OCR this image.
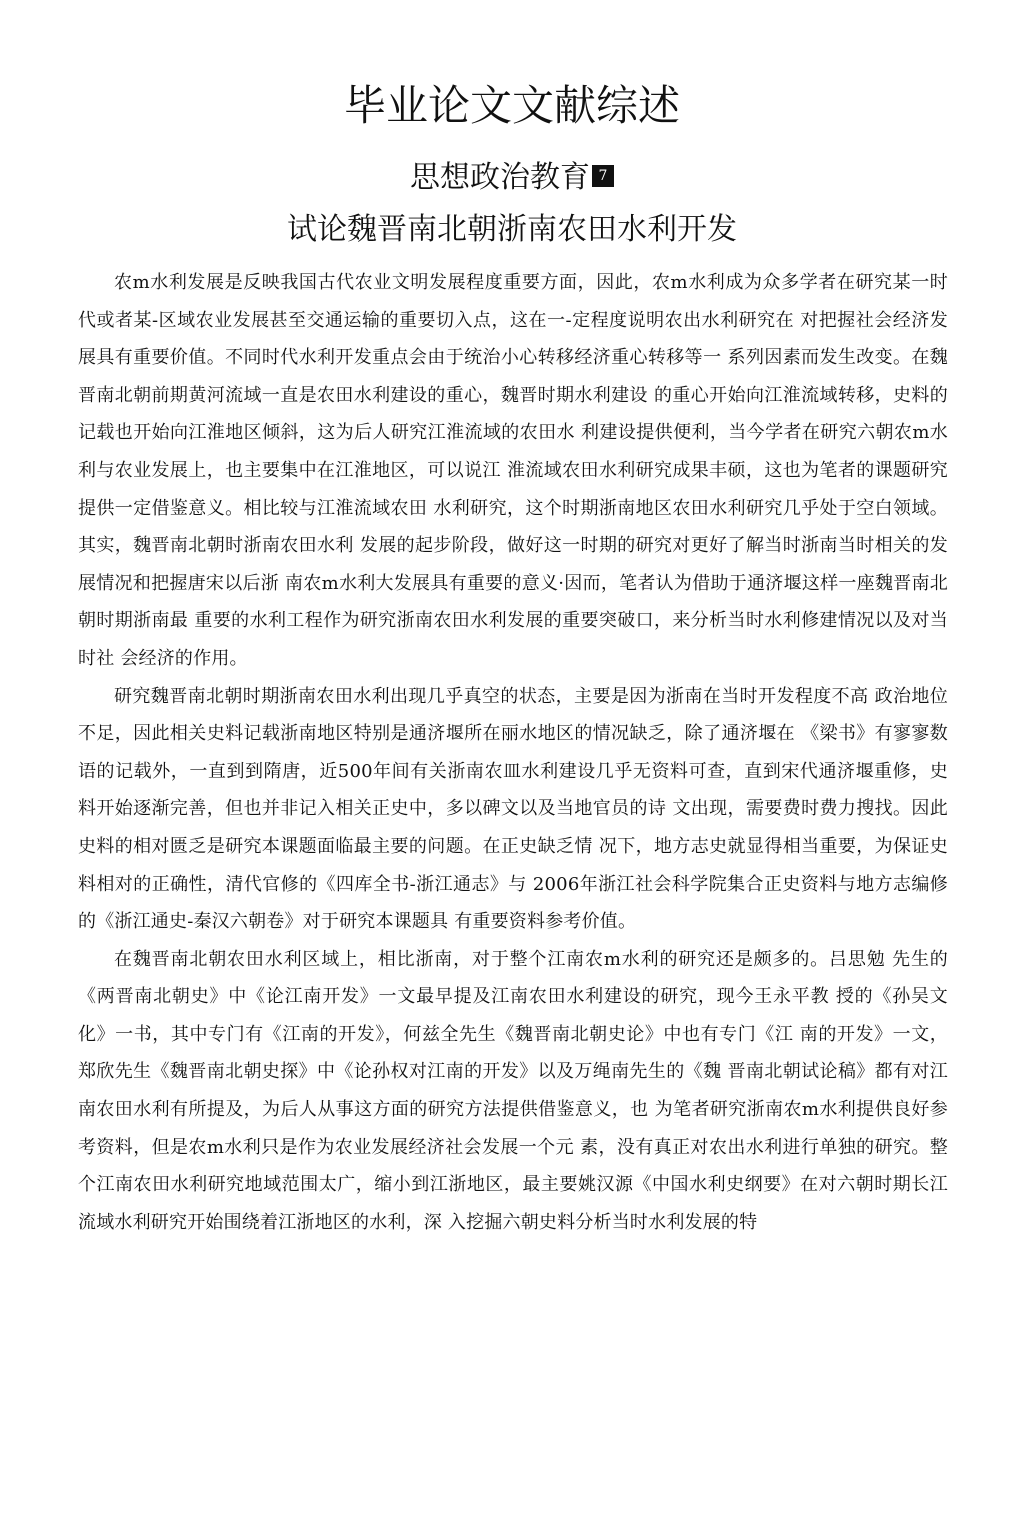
毕业论文文献综述
思想政治教育 7
试论魏晋南北朝浙南农田水利开发

农m水利发展是反映我国古代农业文明发展程度重要方面，因此，农m水利成为众多学者在研究某一时代或者某-区域农业发展甚至交通运输的重要切入点，这在一-定程度说明农出水利研究在 对把握社会经济发展具有重要价值。不同时代水利开发重点会由于统治小心转移经济重心转移等一 系列因素而发生改变。在魏晋南北朝前期黄河流域一直是农田水利建设的重心，魏晋时期水利建设 的重心开始向江淮流域转移，史料的记载也开始向江淮地区倾斜，这为后人研究江淮流域的农田水 利建设提供便利，当今学者在研究六朝农m水利与农业发展上，也主要集中在江淮地区，可以说江 淮流域农田水利研究成果丰硕，这也为笔者的课题研究提供一定借鉴意义。相比较与江淮流域农田 水利研究，这个时期浙南地区农田水利研究几乎处于空白领域。其实，魏晋南北朝时浙南农田水利 发展的起步阶段，做好这一时期的研究对更好了解当时浙南当时相关的发展情况和把握唐宋以后浙 南农m水利大发展具有重要的意义·因而，笔者认为借助于通济堰这样一座魏晋南北朝时期浙南最 重要的水利工程作为研究浙南农田水利发展的重要突破口，来分析当时水利修建情况以及对当时社 会经济的作用。

研究魏晋南北朝时期浙南农田水利出现几乎真空的状态，主要是因为浙南在当时开发程度不高 政治地位不足，因此相关史料记载浙南地区特别是通济堰所在丽水地区的情况缺乏，除了通济堰在 《梁书》有寥寥数语的记载外，一直到到隋唐，近500年间有关浙南农皿水利建设几乎无资料可查，直到宋代通济堰重修，史料开始逐渐完善，但也并非记入相关正史中，多以碑文以及当地官员的诗 文出现，需要费时费力搜找。因此史料的相对匮乏是研究本课题面临最主要的问题。在正史缺乏情 况下，地方志史就显得相当重要，为保证史料相对的正确性，清代官修的《四库全书-浙江通志》与 2006年浙江社会科学院集合正史资料与地方志编修的《浙江通史-秦汉六朝卷》对于研究本课题具 有重要资料参考价值。

在魏晋南北朝农田水利区域上，相比浙南，对于整个江南农m水利的研究还是颇多的。吕思勉 先生的《两晋南北朝史》中《论江南开发》一文最早提及江南农田水利建设的研究，现今王永平教 授的《孙吴文化》一书，其中专门有《江南的开发》，何兹全先生《魏晋南北朝史论》中也有专门《江 南的开发》一文，郑欣先生《魏晋南北朝史探》中《论孙权对江南的开发》以及万绳南先生的《魏 晋南北朝试论稿》都有对江南农田水利有所提及，为后人从事这方面的研究方法提供借鉴意义，也 为笔者研究浙南农m水利提供良好参考资料，但是农m水利只是作为农业发展经济社会发展一个元 素，没有真正对农出水利进行单独的研究。整个江南农田水利研究地域范围太广，缩小到江浙地区，最主要姚汉源《中国水利史纲要》在对六朝时期长江流域水利研究开始围绕着江浙地区的水利，深 入挖掘六朝史料分析当时水利发展的特
